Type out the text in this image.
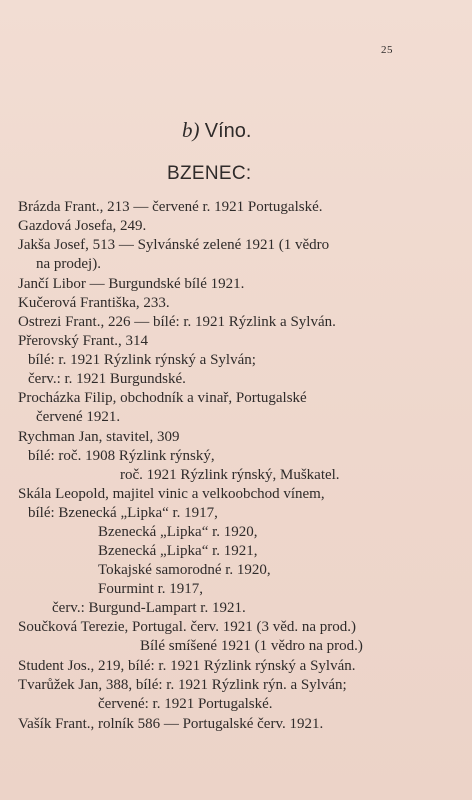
25
b) Víno.
BZENEC:
Brázda Frant., 213 — červené r. 1921 Portugalské.
Gazdová Josefa, 249.
Jakša Josef, 513 — Sylvánské zelené 1921 (1 vědro
na prodej).
Jančí Libor — Burgundské bílé 1921.
Kučerová Františka, 233.
Ostrezi Frant., 226 — bílé: r. 1921 Rýzlink a Sylván.
Přerovský Frant., 314
bílé: r. 1921 Rýzlink rýnský a Sylván;
červ.: r. 1921 Burgundské.
Procházka Filip, obchodník a vinař, Portugalské
červené 1921.
Rychman Jan, stavitel, 309
bílé: roč. 1908 Rýzlink rýnský,
roč. 1921 Rýzlink rýnský, Muškatel.
Skála Leopold, majitel vinic a velkoobchod vínem,
bílé: Bzenecká „Lipka“ r. 1917,
Bzenecká „Lipka“ r. 1920,
Bzenecká „Lipka“ r. 1921,
Tokajské samorodné r. 1920,
Fourmint r. 1917,
červ.: Burgund-Lampart r. 1921.
Součková Terezie, Portugal. červ. 1921 (3 věd. na prod.)
Bílé smíšené 1921 (1 vědro na prod.)
Student Jos., 219, bílé: r. 1921 Rýzlink rýnský a Sylván.
Tvarůžek Jan, 388, bílé: r. 1921 Rýzlink rýn. a Sylván;
červené: r. 1921 Portugalské.
Vašík Frant., rolník 586 — Portugalské červ. 1921.
